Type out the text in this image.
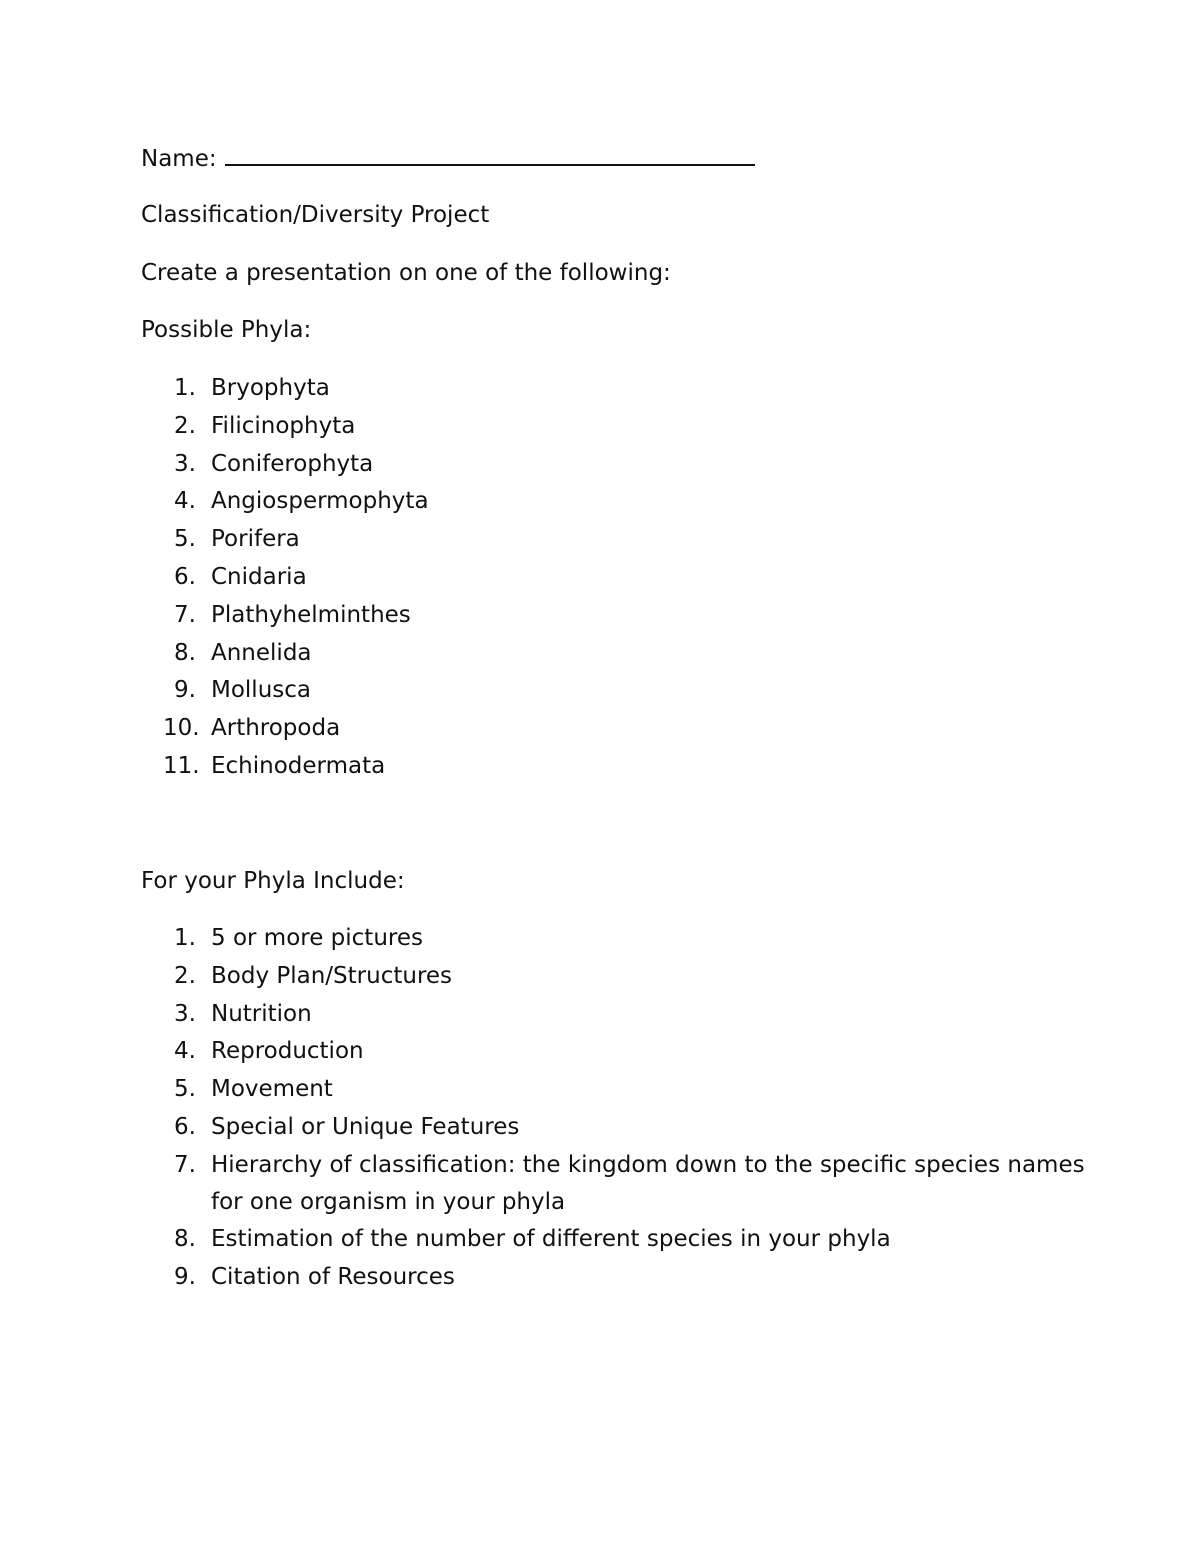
Name:
Classification/Diversity Project
Create a presentation on one of the following:
Possible Phyla:
1. Bryophyta
2. Filicinophyta
3. Coniferophyta
4. Angiospermophyta
5. Porifera
6. Cnidaria
7. Plathyhelminthes
8. Annelida
9. Mollusca
10. Arthropoda
11. Echinodermata
For your Phyla Include:
1. 5 or more pictures
2. Body Plan/Structures
3. Nutrition
4. Reproduction
5. Movement
6. Special or Unique Features
7. Hierarchy of classification: the kingdom down to the specific species names
for one organism in your phyla
8. Estimation of the number of different species in your phyla
9. Citation of Resources
